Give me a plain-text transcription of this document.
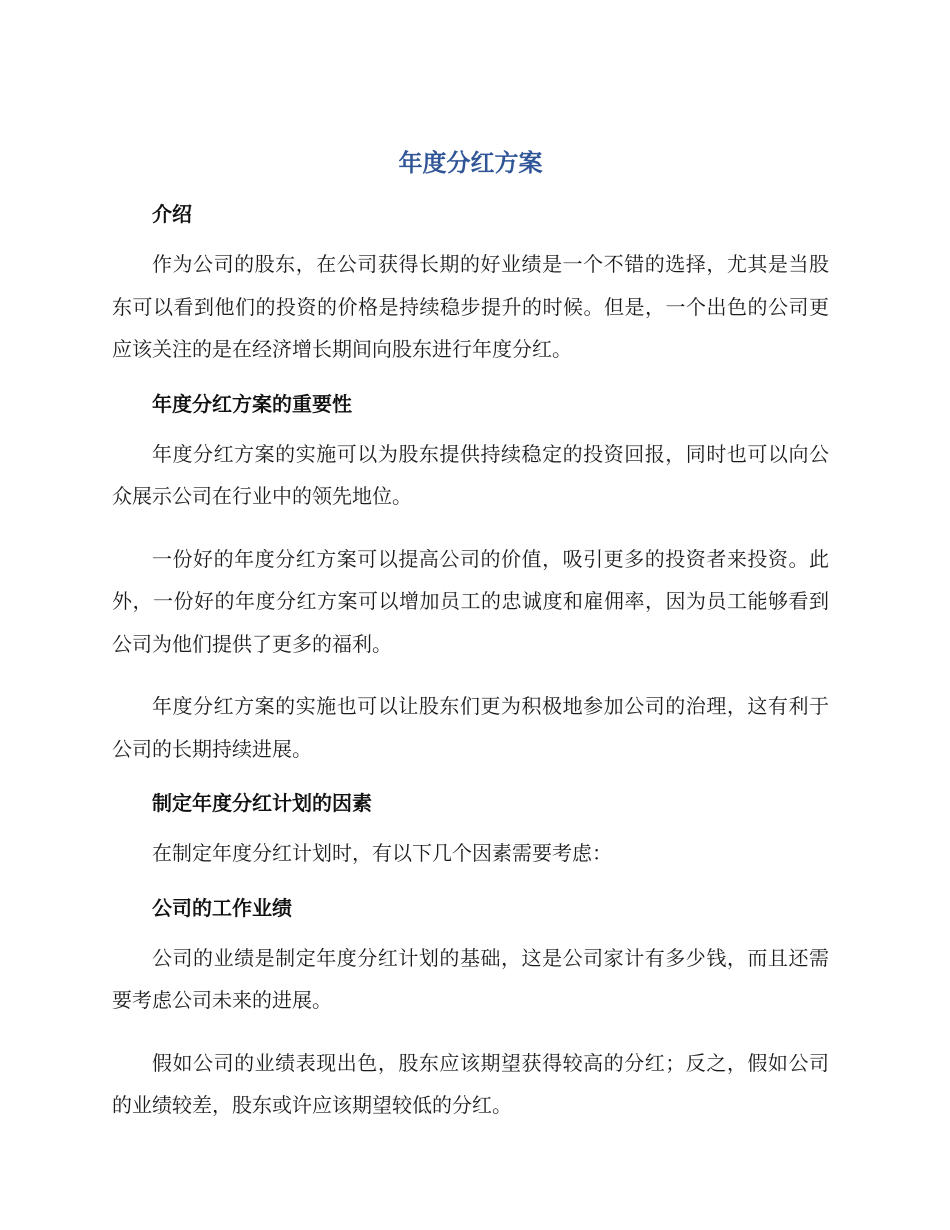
年度分红方案
介绍

作为公司的股东，在公司获得长期的好业绩是一个不错的选择，尤其是当股东可以看到他们的投资的价格是持续稳步提升的时候。但是，一个出色的公司更应该关注的是在经济增长期间向股东进行年度分红。

年度分红方案的重要性

年度分红方案的实施可以为股东提供持续稳定的投资回报，同时也可以向公众展示公司在行业中的领先地位。

一份好的年度分红方案可以提高公司的价值，吸引更多的投资者来投资。此外，一份好的年度分红方案可以增加员工的忠诚度和雇佣率，因为员工能够看到公司为他们提供了更多的福利。

年度分红方案的实施也可以让股东们更为积极地参加公司的治理，这有利于公司的长期持续进展。

制定年度分红计划的因素

在制定年度分红计划时，有以下几个因素需要考虑：

公司的工作业绩

公司的业绩是制定年度分红计划的基础，这是公司家计有多少钱，而且还需要考虑公司未来的进展。

假如公司的业绩表现出色，股东应该期望获得较高的分红；反之，假如公司的业绩较差，股东或许应该期望较低的分红。
